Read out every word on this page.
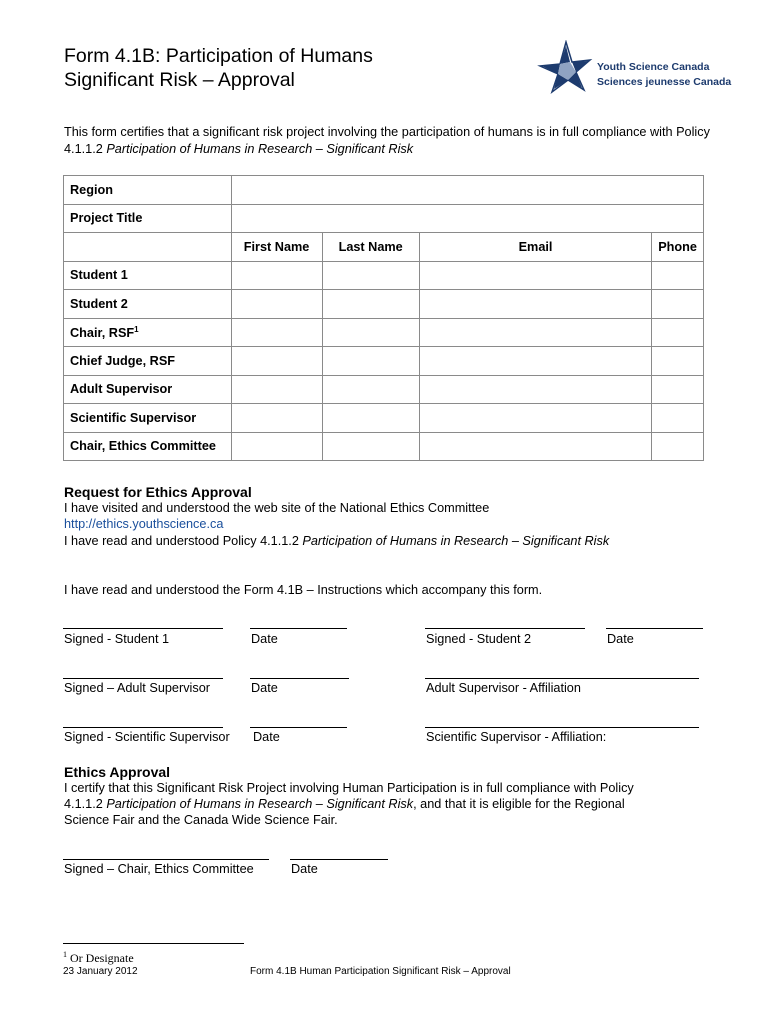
Form 4.1B: Participation of Humans
Significant Risk – Approval
Youth Science Canada
Sciences jeunesse Canada
This form certifies that a significant risk project involving the participation of humans is in full compliance with Policy 4.1.1.2 Participation of Humans in Research – Significant Risk
Region				
Project Title				
	First Name	Last Name	Email	Phone
Student 1				
Student 2				
Chair, RSF$^1$				
Chief Judge, RSF				
Adult Supervisor				
Scientific Supervisor				
Chair, Ethics Committee				
Request for Ethics Approval
I have visited and understood the web site of the National Ethics Committee
http://ethics.youthscience.ca
I have read and understood Policy 4.1.1.2 Participation of Humans in Research – Significant Risk
I have read and understood the Form 4.1B – Instructions which accompany this form.
Signed - Student 1	Date	Signed - Student 2	Date
Signed – Adult Supervisor	Date	Adult Supervisor - Affiliation
Signed - Scientific Supervisor Date	Scientific Supervisor - Affiliation:
Ethics Approval
I certify that this Significant Risk Project involving Human Participation is in full compliance with Policy
4.1.1.2 Participation of Humans in Research – Significant Risk, and that it is eligible for the Regional
Science Fair and the Canada Wide Science Fair.
Signed – Chair, Ethics Committee	Date
$^1$ Or Designate
23 January 2012	Form 4.1B Human Participation Significant Risk – Approval
